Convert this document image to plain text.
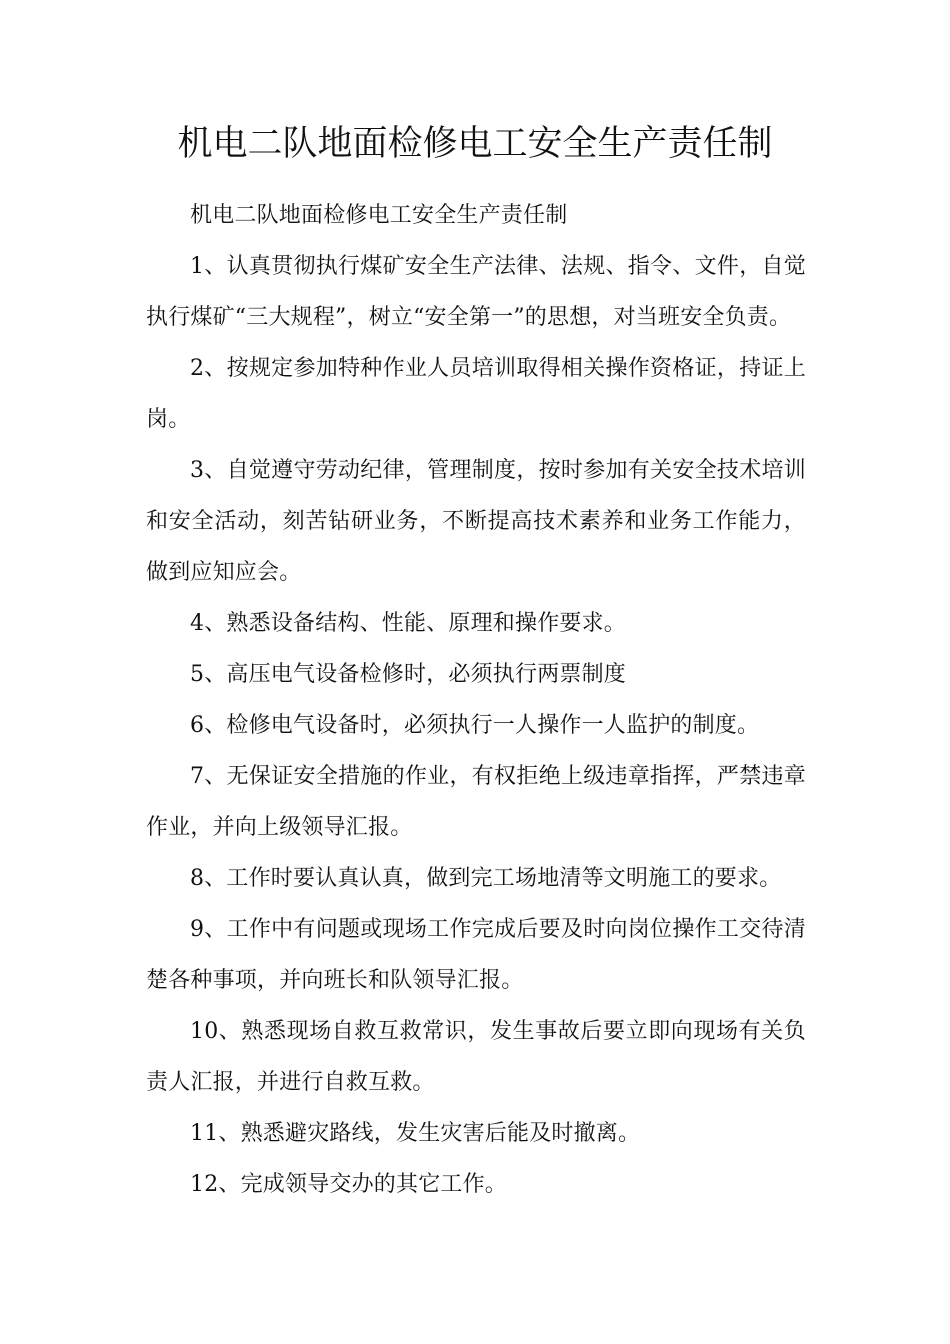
机电二队地面检修电工安全生产责任制

机电二队地面检修电工安全生产责任制

1、认真贯彻执行煤矿安全生产法律、法规、指令、文件，自觉执行煤矿“三大规程”，树立“安全第一”的思想，对当班安全负责。

2、按规定参加特种作业人员培训取得相关操作资格证，持证上岗。

3、自觉遵守劳动纪律，管理制度，按时参加有关安全技术培训和安全活动，刻苦钻研业务，不断提高技术素养和业务工作能力，做到应知应会。

4、熟悉设备结构、性能、原理和操作要求。

5、高压电气设备检修时，必须执行两票制度

6、检修电气设备时，必须执行一人操作一人监护的制度。

7、无保证安全措施的作业，有权拒绝上级违章指挥，严禁违章作业，并向上级领导汇报。

8、工作时要认真认真，做到完工场地清等文明施工的要求。

9、工作中有问题或现场工作完成后要及时向岗位操作工交待清楚各种事项，并向班长和队领导汇报。

10、熟悉现场自救互救常识，发生事故后要立即向现场有关负责人汇报，并进行自救互救。

11、熟悉避灾路线，发生灾害后能及时撤离。

12、完成领导交办的其它工作。
